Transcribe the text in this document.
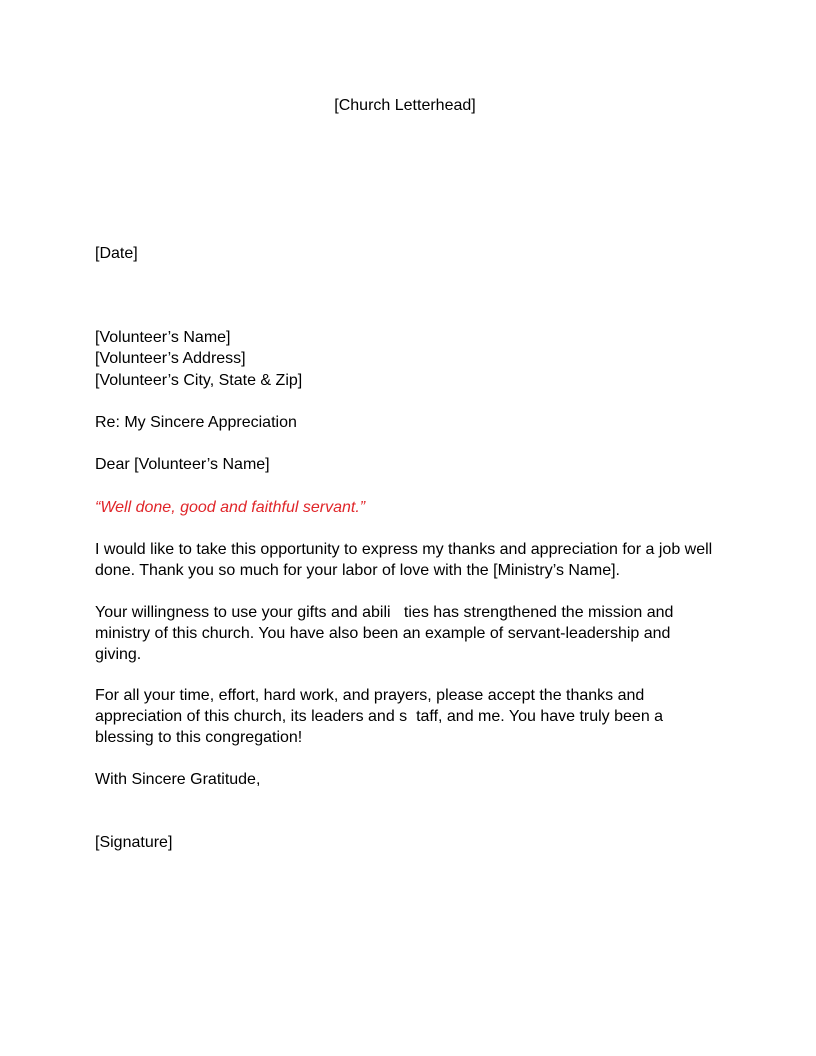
[Church Letterhead]
[Date]
[Volunteer’s Name]
[Volunteer’s Address]
[Volunteer’s City, State & Zip]
Re: My Sincere Appreciation
Dear [Volunteer’s Name]
“Well done, good and faithful servant.”
I would like to take this opportunity to express my thanks and appreciation for a job well
done. Thank you so much for your labor of love with the [Ministry’s Name].
Your willingness to use your gifts and abili   ties has strengthened the mission and
ministry of this church. You have also been an example of servant-leadership and
giving.
For all your time, effort, hard work, and prayers, please accept the thanks and
appreciation of this church, its leaders and s  taff, and me. You have truly been a
blessing to this congregation!
With Sincere Gratitude,
[Signature]
